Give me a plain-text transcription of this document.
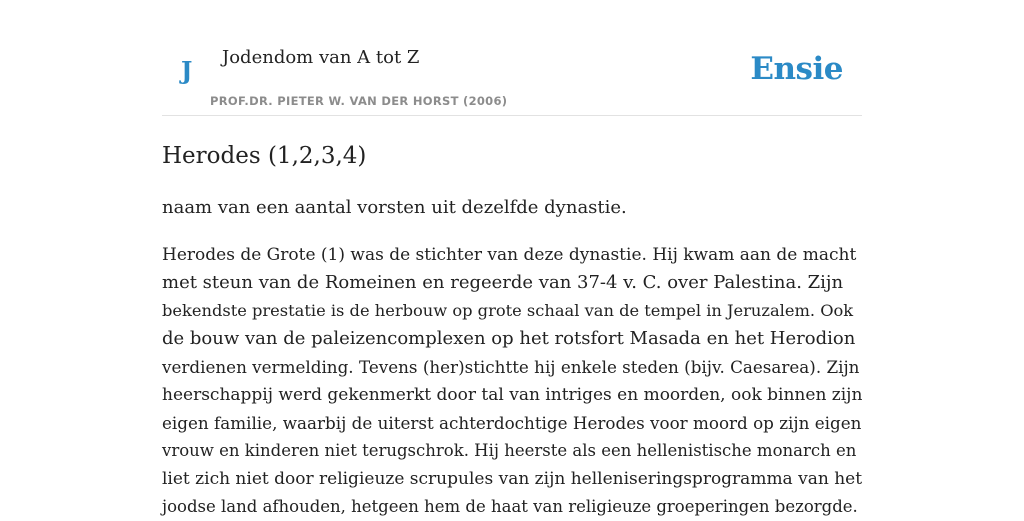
J Jodendom van A tot Z
PROF.DR. PIETER W. VAN DER HORST (2006)
Ensie
Herodes (1,2,3,4)

naam van een aantal vorsten uit dezelfde dynastie.

Herodes de Grote (1) was de stichter van deze dynastie. Hij kwam aan de macht
met steun van de Romeinen en regeerde van 37-4 v. C. over Palestina. Zijn
bekendste prestatie is de herbouw op grote schaal van de tempel in Jeruzalem. Ook
de bouw van de paleizencomplexen op het rotsfort Masada en het Herodion
verdienen vermelding. Tevens (her)stichtte hij enkele steden (bijv. Caesarea). Zijn
heerschappij werd gekenmerkt door tal van intriges en moorden, ook binnen zijn
eigen familie, waarbij de uiterst achterdochtige Herodes voor moord op zijn eigen
vrouw en kinderen niet terugschrok. Hij heerste als een hellenistische monarch en
liet zich niet door religieuze scrupules van zijn helleniseringsprogramma van het
joodse land afhouden, hetgeen hem de haat van religieuze groeperingen bezorgde.
